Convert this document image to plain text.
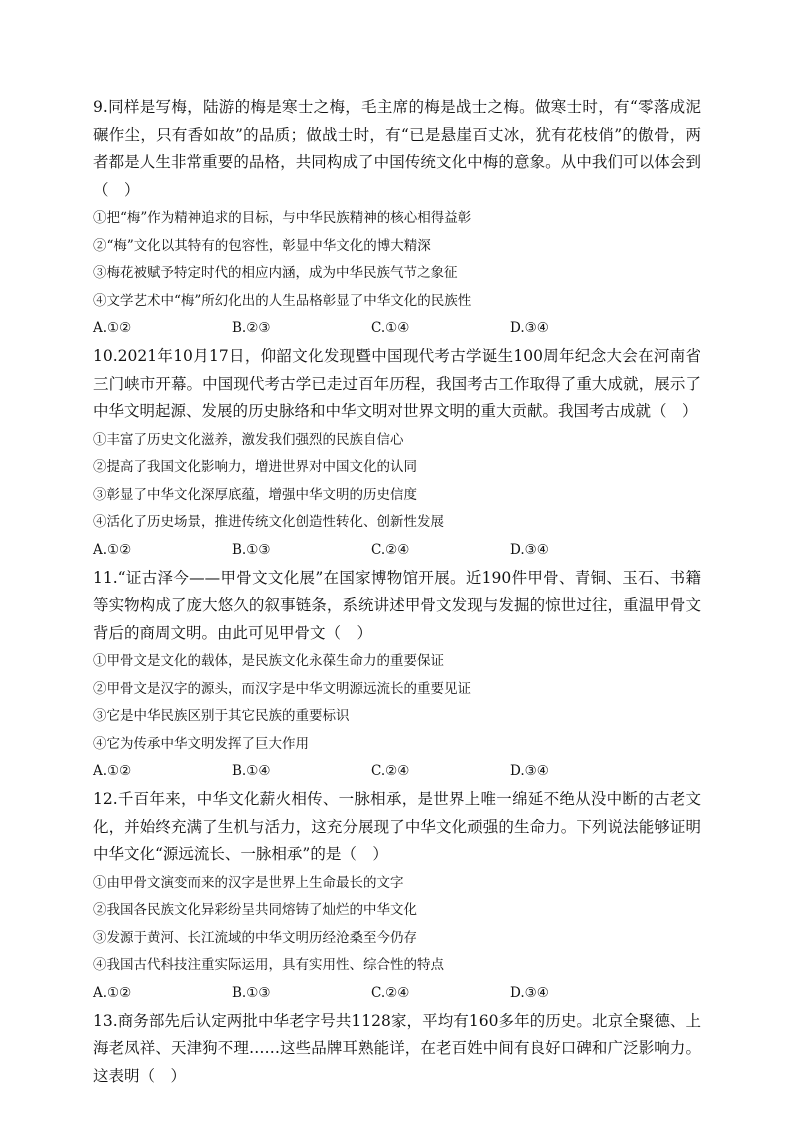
9.同样是写梅，陆游的梅是寒士之梅，毛主席的梅是战士之梅。做寒士时，有“零落成泥碾作尘，只有香如故”的品质；做战士时，有“已是悬崖百丈冰，犹有花枝俏”的傲骨，两者都是人生非常重要的品格，共同构成了中国传统文化中梅的意象。从中我们可以体会到（　）

①把“梅”作为精神追求的目标，与中华民族精神的核心相得益彰

②“梅”文化以其特有的包容性，彰显中华文化的博大精深

③梅花被赋予特定时代的相应内涵，成为中华民族气节之象征

④文学艺术中“梅”所幻化出的人生品格彰显了中华文化的民族性

A.①②	B.②③	C.①④	D.③④

10.2021年10月17日，仰韶文化发现暨中国现代考古学诞生100周年纪念大会在河南省三门峡市开幕。中国现代考古学已走过百年历程，我国考古工作取得了重大成就，展示了中华文明起源、发展的历史脉络和中华文明对世界文明的重大贡献。我国考古成就（　）

①丰富了历史文化滋养，激发我们强烈的民族自信心

②提高了我国文化影响力，增进世界对中国文化的认同

③彰显了中华文化深厚底蕴，增强中华文明的历史信度

④活化了历史场景，推进传统文化创造性转化、创新性发展

A.①②	B.①③	C.②④	D.③④

11.“证古泽今——甲骨文文化展”在国家博物馆开展。近190件甲骨、青铜、玉石、书籍等实物构成了庞大悠久的叙事链条，系统讲述甲骨文发现与发掘的惊世过往，重温甲骨文背后的商周文明。由此可见甲骨文（　）

①甲骨文是文化的载体，是民族文化永葆生命力的重要保证

②甲骨文是汉字的源头，而汉字是中华文明源远流长的重要见证

③它是中华民族区别于其它民族的重要标识

④它为传承中华文明发挥了巨大作用

A.①②	B.①④	C.②④	D.③④

12.千百年来，中华文化薪火相传、一脉相承，是世界上唯一绵延不绝从没中断的古老文化，并始终充满了生机与活力，这充分展现了中华文化顽强的生命力。下列说法能够证明中华文化“源远流长、一脉相承”的是（　）

①由甲骨文演变而来的汉字是世界上生命最长的文字

②我国各民族文化异彩纷呈共同熔铸了灿烂的中华文化

③发源于黄河、长江流域的中华文明历经沧桑至今仍存

④我国古代科技注重实际运用，具有实用性、综合性的特点

A.①②	B.①③	C.②④	D.③④

13.商务部先后认定两批中华老字号共1128家，平均有160多年的历史。北京全聚德、上海老凤祥、天津狗不理……这些品牌耳熟能详，在老百姓中间有良好口碑和广泛影响力。这表明（　）
